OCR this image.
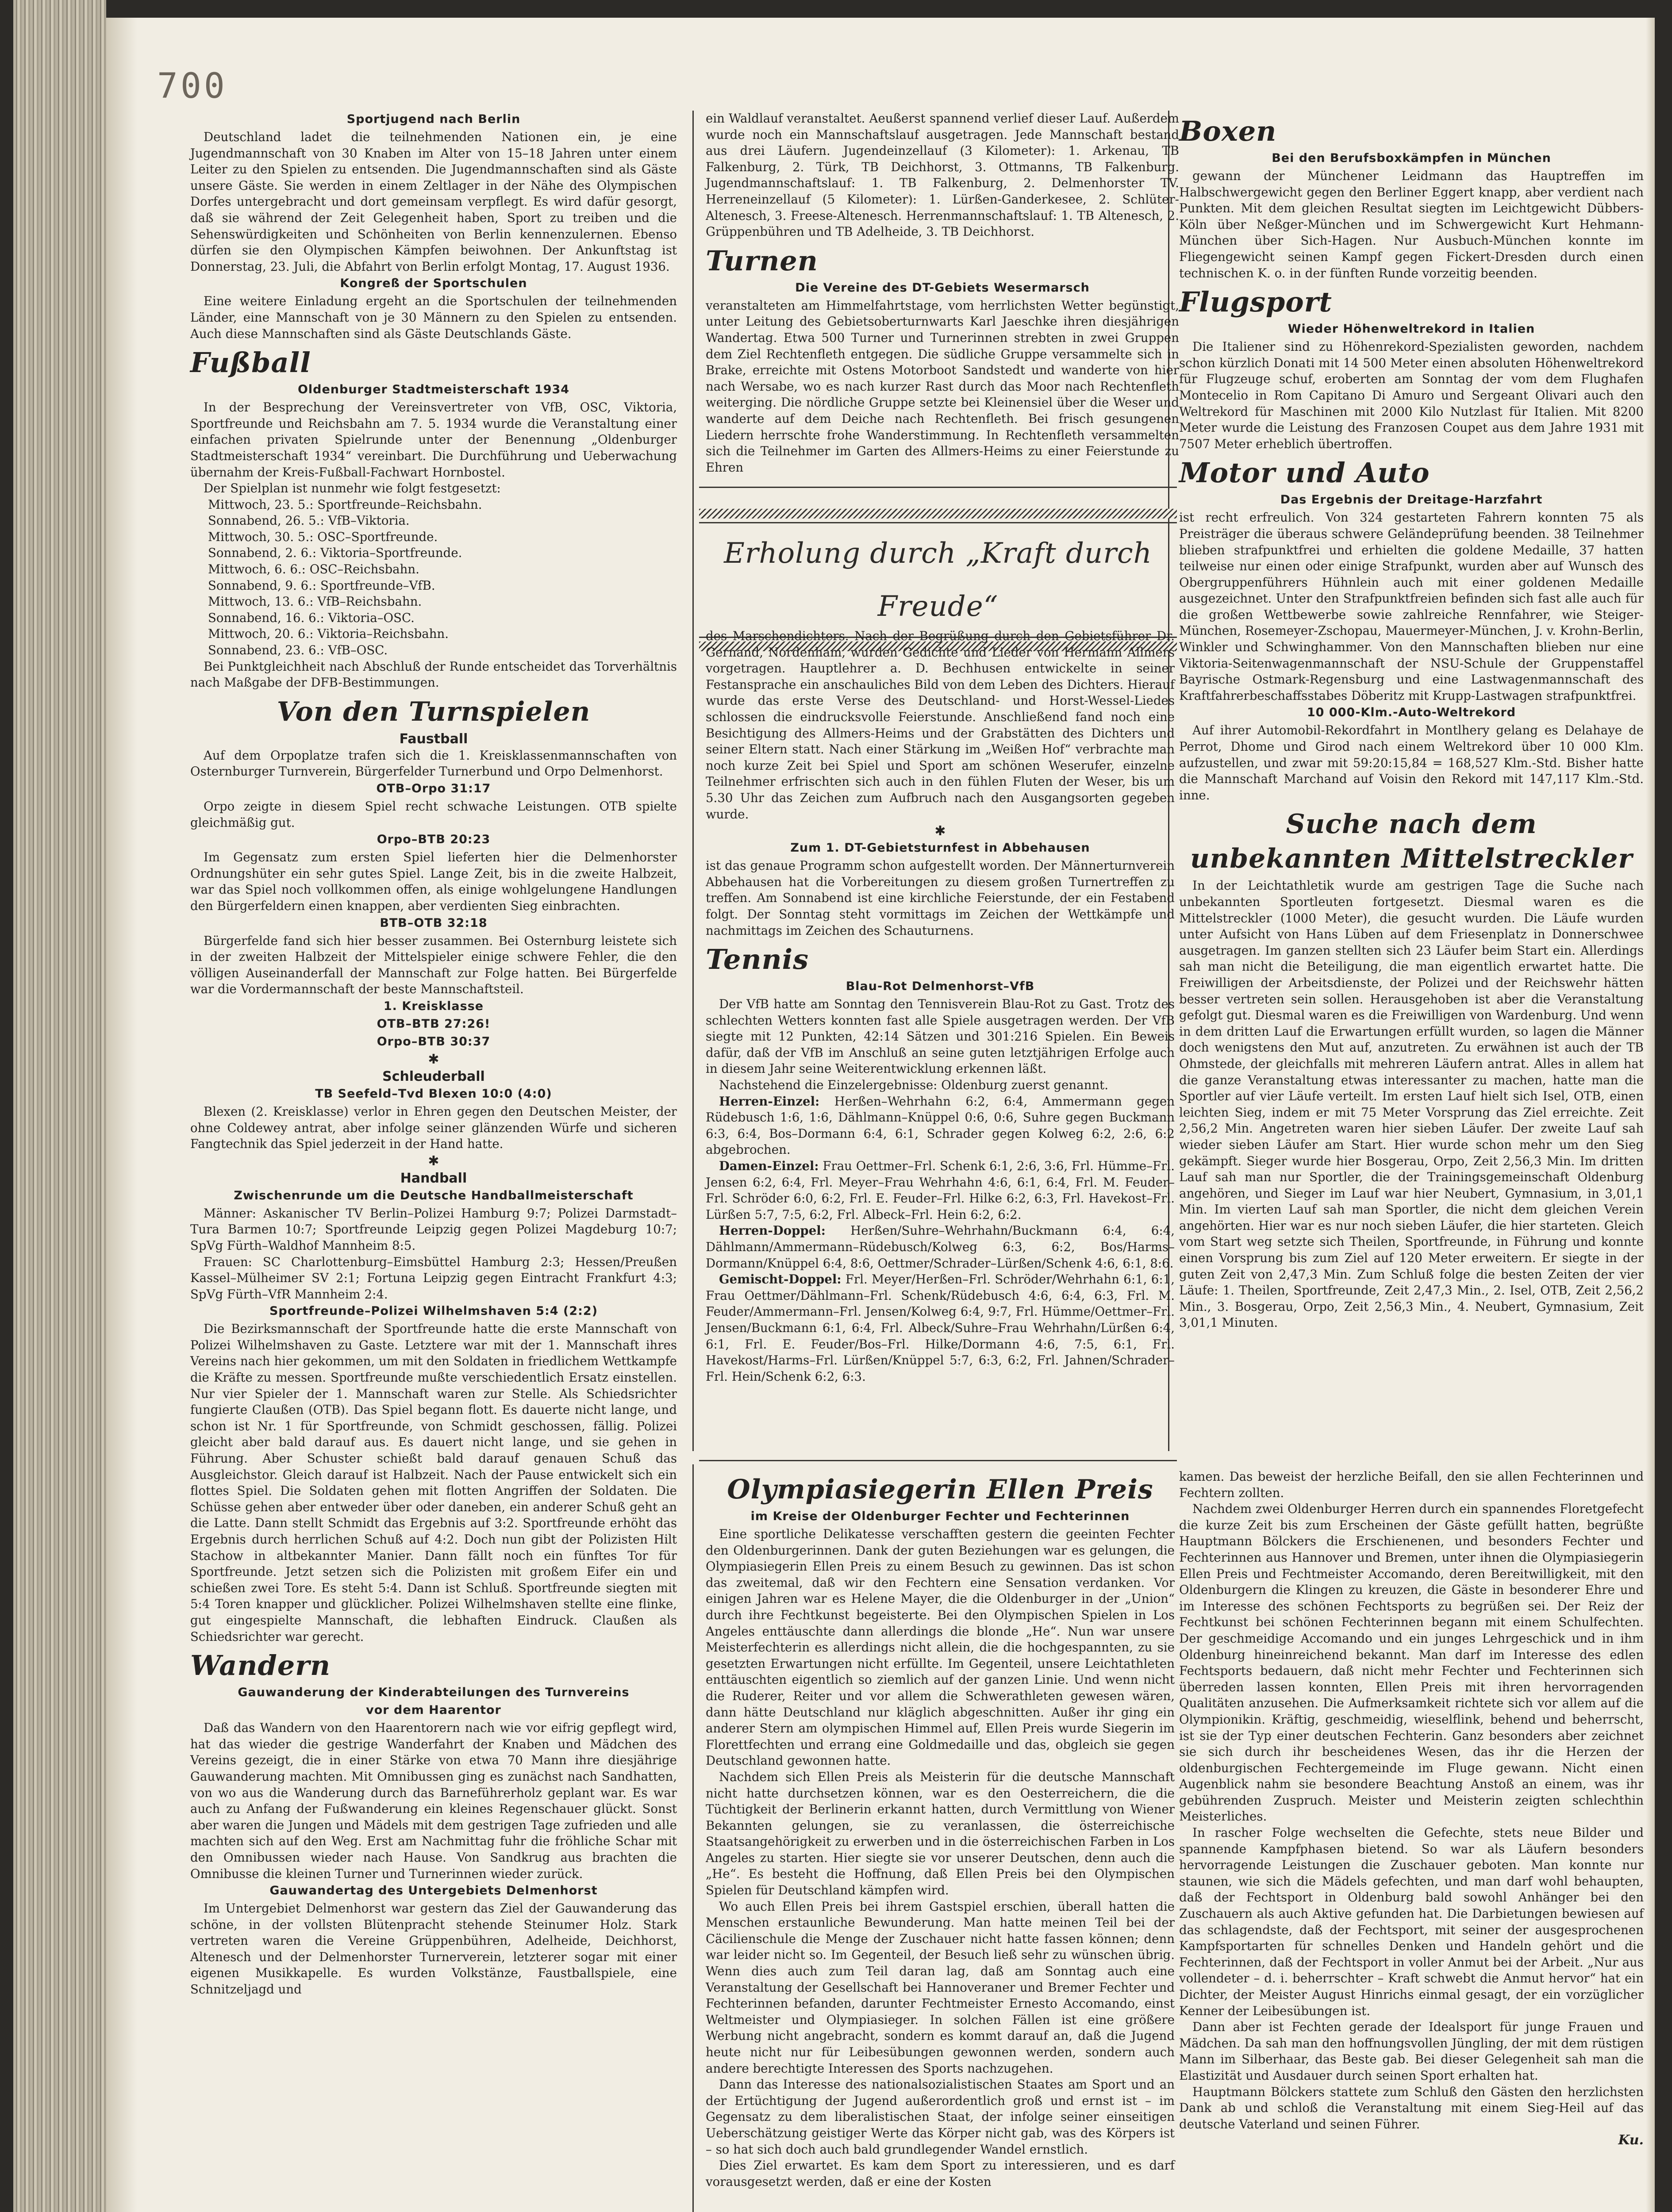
700
Sportjugend nach Berlin

Deutschland ladet die teilnehmenden Nationen ein, je eine Jugendmannschaft von 30 Knaben im Alter von 15–18 Jahren unter einem Leiter zu den Spielen zu entsenden. Die Jugendmannschaften sind als Gäste unsere Gäste. Sie werden in einem Zeltlager in der Nähe des Olympischen Dorfes untergebracht und dort gemeinsam verpflegt. Es wird dafür gesorgt, daß sie während der Zeit Gelegenheit haben, Sport zu treiben und die Sehenswürdigkeiten und Schönheiten von Berlin kennenzulernen. Ebenso dürfen sie den Olympischen Kämpfen beiwohnen. Der Ankunftstag ist Donnerstag, 23. Juli, die Abfahrt von Berlin erfolgt Montag, 17. August 1936.

Kongreß der Sportschulen

Eine weitere Einladung ergeht an die Sportschulen der teilnehmenden Länder, eine Mannschaft von je 30 Männern zu den Spielen zu entsenden. Auch diese Mannschaften sind als Gäste Deutschlands Gäste.

Fußball
Oldenburger Stadtmeisterschaft 1934

In der Besprechung der Vereinsvertreter von VfB, OSC, Viktoria, Sportfreunde und Reichsbahn am 7. 5. 1934 wurde die Veranstaltung einer einfachen privaten Spielrunde unter der Benennung „Oldenburger Stadtmeisterschaft 1934“ vereinbart. Die Durchführung und Ueberwachung übernahm der Kreis-Fußball-Fachwart Hornbostel.

Der Spielplan ist nunmehr wie folgt festgesetzt:

Mittwoch, 23. 5.: Sportfreunde–Reichsbahn.
Sonnabend, 26. 5.: VfB–Viktoria.
Mittwoch, 30. 5.: OSC–Sportfreunde.
Sonnabend, 2. 6.: Viktoria–Sportfreunde.
Mittwoch, 6. 6.: OSC–Reichsbahn.
Sonnabend, 9. 6.: Sportfreunde–VfB.
Mittwoch, 13. 6.: VfB–Reichsbahn.
Sonnabend, 16. 6.: Viktoria–OSC.
Mittwoch, 20. 6.: Viktoria–Reichsbahn.
Sonnabend, 23. 6.: VfB–OSC.

Bei Punktgleichheit nach Abschluß der Runde entscheidet das Torverhältnis nach Maßgabe der DFB-Bestimmungen.

Von den Turnspielen
Faustball

Auf dem Orpoplatze trafen sich die 1. Kreisklassenmannschaften von Osternburger Turnverein, Bürgerfelder Turnerbund und Orpo Delmenhorst.

OTB–Orpo 31:17

Orpo zeigte in diesem Spiel recht schwache Leistungen. OTB spielte gleichmäßig gut.

Orpo–BTB 20:23

Im Gegensatz zum ersten Spiel lieferten hier die Delmenhorster Ordnungshüter ein sehr gutes Spiel. Lange Zeit, bis in die zweite Halbzeit, war das Spiel noch vollkommen offen, als einige wohlgelungene Handlungen den Bürgerfeldern einen knappen, aber verdienten Sieg einbrachten.

BTB–OTB 32:18

Bürgerfelde fand sich hier besser zusammen. Bei Osternburg leistete sich in der zweiten Halbzeit der Mittelspieler einige schwere Fehler, die den völligen Auseinanderfall der Mannschaft zur Folge hatten. Bei Bürgerfelde war die Vordermannschaft der beste Mannschaftsteil.

1. Kreisklasse
OTB–BTB 27:26!
Orpo–BTB 30:37
✱
Schleuderball
TB Seefeld–Tvd Blexen 10:0 (4:0)

Blexen (2. Kreisklasse) verlor in Ehren gegen den Deutschen Meister, der ohne Coldewey antrat, aber infolge seiner glänzenden Würfe und sicheren Fangtechnik das Spiel jederzeit in der Hand hatte.

✱
Handball
Zwischenrunde um die Deutsche Handballmeisterschaft

Männer: Askanischer TV Berlin–Polizei Hamburg 9:7; Polizei Darmstadt–Tura Barmen 10:7; Sportfreunde Leipzig gegen Polizei Magdeburg 10:7; SpVg Fürth–Waldhof Mannheim 8:5.

Frauen: SC Charlottenburg–Eimsbüttel Hamburg 2:3; Hessen/Preußen Kassel–Mülheimer SV 2:1; Fortuna Leipzig gegen Eintracht Frankfurt 4:3; SpVg Fürth–VfR Mannheim 2:4.

Sportfreunde–Polizei Wilhelmshaven 5:4 (2:2)

Die Bezirksmannschaft der Sportfreunde hatte die erste Mannschaft von Polizei Wilhelmshaven zu Gaste. Letztere war mit der 1. Mannschaft ihres Vereins nach hier gekommen, um mit den Soldaten in friedlichem Wettkampfe die Kräfte zu messen. Sportfreunde mußte verschiedentlich Ersatz einstellen. Nur vier Spieler der 1. Mannschaft waren zur Stelle. Als Schiedsrichter fungierte Claußen (OTB). Das Spiel begann flott. Es dauerte nicht lange, und schon ist Nr. 1 für Sportfreunde, von Schmidt geschossen, fällig. Polizei gleicht aber bald darauf aus. Es dauert nicht lange, und sie gehen in Führung. Aber Schuster schießt bald darauf genauen Schuß das Ausgleichstor. Gleich darauf ist Halbzeit. Nach der Pause entwickelt sich ein flottes Spiel. Die Soldaten gehen mit flotten Angriffen der Soldaten. Die Schüsse gehen aber entweder über oder daneben, ein anderer Schuß geht an die Latte. Dann stellt Schmidt das Ergebnis auf 3:2. Sportfreunde erhöht das Ergebnis durch herrlichen Schuß auf 4:2. Doch nun gibt der Polizisten Hilt Stachow in altbekannter Manier. Dann fällt noch ein fünftes Tor für Sportfreunde. Jetzt setzen sich die Polizisten mit großem Eifer ein und schießen zwei Tore. Es steht 5:4. Dann ist Schluß. Sportfreunde siegten mit 5:4 Toren knapper und glücklicher. Polizei Wilhelmshaven stellte eine flinke, gut eingespielte Mannschaft, die lebhaften Eindruck. Claußen als Schiedsrichter war gerecht.

Wandern
Gauwanderung der Kinderabteilungen des Turnvereins
vor dem Haarentor

Daß das Wandern von den Haarentorern nach wie vor eifrig gepflegt wird, hat das wieder die gestrige Wanderfahrt der Knaben und Mädchen des Vereins gezeigt, die in einer Stärke von etwa 70 Mann ihre diesjährige Gauwanderung machten. Mit Omnibussen ging es zunächst nach Sandhatten, von wo aus die Wanderung durch das Barneführerholz geplant war. Es war auch zu Anfang der Fußwanderung ein kleines Regenschauer glückt. Sonst aber waren die Jungen und Mädels mit dem gestrigen Tage zufrieden und alle machten sich auf den Weg. Erst am Nachmittag fuhr die fröhliche Schar mit den Omnibussen wieder nach Hause. Von Sandkrug aus brachten die Omnibusse die kleinen Turner und Turnerinnen wieder zurück.

Gauwandertag des Untergebiets Delmenhorst

Im Untergebiet Delmenhorst war gestern das Ziel der Gauwanderung das schöne, in der vollsten Blütenpracht stehende Steinumer Holz. Stark vertreten waren die Vereine Grüppenbühren, Adelheide, Deichhorst, Altenesch und der Delmenhorster Turnerverein, letzterer sogar mit einer eigenen Musikkapelle. Es wurden Volkstänze, Faustballspiele, eine Schnitzeljagd und

ein Waldlauf veranstaltet. Aeußerst spannend verlief dieser Lauf. Außerdem wurde noch ein Mannschaftslauf ausgetragen. Jede Mannschaft bestand aus drei Läufern. Jugendeinzellauf (3 Kilometer): 1. Arkenau, TB Falkenburg, 2. Türk, TB Deichhorst, 3. Ottmanns, TB Falkenburg. Jugendmannschaftslauf: 1. TB Falkenburg, 2. Delmenhorster TV. Herreneinzellauf (5 Kilometer): 1. Lürßen-Ganderkesee, 2. Schlüter-Altenesch, 3. Freese-Altenesch. Herrenmannschaftslauf: 1. TB Altenesch, 2. Grüppenbühren und TB Adelheide, 3. TB Deichhorst.

Turnen
Die Vereine des DT-Gebiets Wesermarsch

veranstalteten am Himmelfahrtstage, vom herrlichsten Wetter begünstigt, unter Leitung des Gebietsoberturnwarts Karl Jaeschke ihren diesjährigen Wandertag. Etwa 500 Turner und Turnerinnen strebten in zwei Gruppen dem Ziel Rechtenfleth entgegen. Die südliche Gruppe versammelte sich in Brake, erreichte mit Ostens Motorboot Sandstedt und wanderte von hier nach Wersabe, wo es nach kurzer Rast durch das Moor nach Rechtenfleth weiterging. Die nördliche Gruppe setzte bei Kleinensiel über die Weser und wanderte auf dem Deiche nach Rechtenfleth. Bei frisch gesungenen Liedern herrschte frohe Wanderstimmung. In Rechtenfleth versammelten sich die Teilnehmer im Garten des Allmers-Heims zu einer Feierstunde zu Ehren

Erholung durch „Kraft durch Freude“

des Marschendichters. Nach der Begrüßung durch den Gebietsführer Dr. Gernand, Nordenham, wurden Gedichte und Lieder von Hermann Allmers vorgetragen. Hauptlehrer a. D. Bechhusen entwickelte in seiner Festansprache ein anschauliches Bild von dem Leben des Dichters. Hierauf wurde das erste Verse des Deutschland- und Horst-Wessel-Liedes schlossen die eindrucksvolle Feierstunde. Anschließend fand noch eine Besichtigung des Allmers-Heims und der Grabstätten des Dichters und seiner Eltern statt. Nach einer Stärkung im „Weißen Hof“ verbrachte man noch kurze Zeit bei Spiel und Sport am schönen Weserufer, einzelne Teilnehmer erfrischten sich auch in den fühlen Fluten der Weser, bis um 5.30 Uhr das Zeichen zum Aufbruch nach den Ausgangsorten gegeben wurde.

✱
Zum 1. DT-Gebietsturnfest in Abbehausen

ist das genaue Programm schon aufgestellt worden. Der Männerturnverein Abbehausen hat die Vorbereitungen zu diesem großen Turnertreffen zu treffen. Am Sonnabend ist eine kirchliche Feierstunde, der ein Festabend folgt. Der Sonntag steht vormittags im Zeichen der Wettkämpfe und nachmittags im Zeichen des Schauturnens.

Tennis
Blau-Rot Delmenhorst–VfB

Der VfB hatte am Sonntag den Tennisverein Blau-Rot zu Gast. Trotz des schlechten Wetters konnten fast alle Spiele ausgetragen werden. Der VfB siegte mit 12 Punkten, 42:14 Sätzen und 301:216 Spielen. Ein Beweis dafür, daß der VfB im Anschluß an seine guten letztjährigen Erfolge auch in diesem Jahr seine Weiterentwicklung erkennen läßt.

Nachstehend die Einzelergebnisse: Oldenburg zuerst genannt.

Herren-Einzel: Herßen–Wehrhahn 6:2, 6:4, Ammermann gegen Rüdebusch 1:6, 1:6, Dählmann–Knüppel 0:6, 0:6, Suhre gegen Buckmann 6:3, 6:4, Bos–Dormann 6:4, 6:1, Schrader gegen Kolweg 6:2, 2:6, 6:2 abgebrochen.

Damen-Einzel: Frau Oettmer–Frl. Schenk 6:1, 2:6, 3:6, Frl. Hümme–Frl. Jensen 6:2, 6:4, Frl. Meyer–Frau Wehrhahn 4:6, 6:1, 6:4, Frl. M. Feuder–Frl. Schröder 6:0, 6:2, Frl. E. Feuder–Frl. Hilke 6:2, 6:3, Frl. Havekost–Frl. Lürßen 5:7, 7:5, 6:2, Frl. Albeck–Frl. Hein 6:2, 6:2.

Herren-Doppel: Herßen/Suhre–Wehrhahn/Buckmann 6:4, 6:4, Dählmann/Ammermann–Rüdebusch/Kolweg 6:3, 6:2, Bos/Harms–Dormann/Knüppel 6:4, 8:6, Oettmer/Schrader–Lürßen/Schenk 4:6, 6:1, 8:6.

Gemischt-Doppel: Frl. Meyer/Herßen–Frl. Schröder/Wehrhahn 6:1, 6:1, Frau Oettmer/Dählmann–Frl. Schenk/Rüdebusch 4:6, 6:4, 6:3, Frl. M. Feuder/Ammermann–Frl. Jensen/Kolweg 6:4, 9:7, Frl. Hümme/Oettmer–Frl. Jensen/Buckmann 6:1, 6:4, Frl. Albeck/Suhre–Frau Wehrhahn/Lürßen 6:4, 6:1, Frl. E. Feuder/Bos–Frl. Hilke/Dormann 4:6, 7:5, 6:1, Frl. Havekost/Harms–Frl. Lürßen/Knüppel 5:7, 6:3, 6:2, Frl. Jahnen/Schrader–Frl. Hein/Schenk 6:2, 6:3.

Boxen
Bei den Berufsboxkämpfen in München

gewann der Münchener Leidmann das Hauptreffen im Halbschwergewicht gegen den Berliner Eggert knapp, aber verdient nach Punkten. Mit dem gleichen Resultat siegten im Leichtgewicht Dübbers-Köln über Neßger-München und im Schwergewicht Kurt Hehmann-München über Sich-Hagen. Nur Ausbuch-München konnte im Fliegengewicht seinen Kampf gegen Fickert-Dresden durch einen technischen K. o. in der fünften Runde vorzeitig beenden.

Flugsport
Wieder Höhenweltrekord in Italien

Die Italiener sind zu Höhenrekord-Spezialisten geworden, nachdem schon kürzlich Donati mit 14 500 Meter einen absoluten Höhenweltrekord für Flugzeuge schuf, eroberten am Sonntag der vom dem Flughafen Montecelio in Rom Capitano Di Amuro und Sergeant Olivari auch den Weltrekord für Maschinen mit 2000 Kilo Nutzlast für Italien. Mit 8200 Meter wurde die Leistung des Franzosen Coupet aus dem Jahre 1931 mit 7507 Meter erheblich übertroffen.

Motor und Auto
Das Ergebnis der Dreitage-Harzfahrt

ist recht erfreulich. Von 324 gestarteten Fahrern konnten 75 als Preisträger die überaus schwere Geländeprüfung beenden. 38 Teilnehmer blieben strafpunktfrei und erhielten die goldene Medaille, 37 hatten teilweise nur einen oder einige Strafpunkt, wurden aber auf Wunsch des Obergruppenführers Hühnlein auch mit einer goldenen Medaille ausgezeichnet. Unter den Strafpunktfreien befinden sich fast alle auch für die großen Wettbewerbe sowie zahlreiche Rennfahrer, wie Steiger-München, Rosemeyer-Zschopau, Mauermeyer-München, J. v. Krohn-Berlin, Winkler und Schwinghammer. Von den Mannschaften blieben nur eine Viktoria-Seitenwagenmannschaft der NSU-Schule der Gruppenstaffel Bayrische Ostmark-Regensburg und eine Lastwagenmannschaft des Kraftfahrerbeschaffsstabes Döberitz mit Krupp-Lastwagen strafpunktfrei.

10 000-Klm.-Auto-Weltrekord

Auf ihrer Automobil-Rekordfahrt in Montlhery gelang es Delahaye de Perrot, Dhome und Girod nach einem Weltrekord über 10 000 Klm. aufzustellen, und zwar mit 59:20:15,84 = 168,527 Klm.-Std. Bisher hatte die Mannschaft Marchand auf Voisin den Rekord mit 147,117 Klm.-Std. inne.

Suche nach dem
unbekannten Mittelstreckler

In der Leichtathletik wurde am gestrigen Tage die Suche nach unbekannten Sportleuten fortgesetzt. Diesmal waren es die Mittelstreckler (1000 Meter), die gesucht wurden. Die Läufe wurden unter Aufsicht von Hans Lüben auf dem Friesenplatz in Donnerschwee ausgetragen. Im ganzen stellten sich 23 Läufer beim Start ein. Allerdings sah man nicht die Beteiligung, die man eigentlich erwartet hatte. Die Freiwilligen der Arbeitsdienste, der Polizei und der Reichswehr hätten besser vertreten sein sollen. Herausgehoben ist aber die Veranstaltung gefolgt gut. Diesmal waren es die Freiwilligen von Wardenburg. Und wenn in dem dritten Lauf die Erwartungen erfüllt wurden, so lagen die Männer doch wenigstens den Mut auf, anzutreten. Zu erwähnen ist auch der TB Ohmstede, der gleichfalls mit mehreren Läufern antrat. Alles in allem hat die ganze Veranstaltung etwas interessanter zu machen, hatte man die Sportler auf vier Läufe verteilt. Im ersten Lauf hielt sich Isel, OTB, einen leichten Sieg, indem er mit 75 Meter Vorsprung das Ziel erreichte. Zeit 2,56,2 Min. Angetreten waren hier sieben Läufer. Der zweite Lauf sah wieder sieben Läufer am Start. Hier wurde schon mehr um den Sieg gekämpft. Sieger wurde hier Bosgerau, Orpo, Zeit 2,56,3 Min. Im dritten Lauf sah man nur Sportler, die der Trainingsgemeinschaft Oldenburg angehören, und Sieger im Lauf war hier Neubert, Gymnasium, in 3,01,1 Min. Im vierten Lauf sah man Sportler, die nicht dem gleichen Verein angehörten. Hier war es nur noch sieben Läufer, die hier starteten. Gleich vom Start weg setzte sich Theilen, Sportfreunde, in Führung und konnte einen Vorsprung bis zum Ziel auf 120 Meter erweitern. Er siegte in der guten Zeit von 2,47,3 Min. Zum Schluß folge die besten Zeiten der vier Läufe: 1. Theilen, Sportfreunde, Zeit 2,47,3 Min., 2. Isel, OTB, Zeit 2,56,2 Min., 3. Bosgerau, Orpo, Zeit 2,56,3 Min., 4. Neubert, Gymnasium, Zeit 3,01,1 Minuten.

Olympiasiegerin Ellen Preis
im Kreise der Oldenburger Fechter und Fechterinnen

Eine sportliche Delikatesse verschafften gestern die geeinten Fechter den Oldenburgerinnen. Dank der guten Beziehungen war es gelungen, die Olympiasiegerin Ellen Preis zu einem Besuch zu gewinnen. Das ist schon das zweitemal, daß wir den Fechtern eine Sensation verdanken. Vor einigen Jahren war es Helene Mayer, die die Oldenburger in der „Union“ durch ihre Fechtkunst begeisterte. Bei den Olympischen Spielen in Los Angeles enttäuschte dann allerdings die blonde „He“. Nun war unsere Meisterfechterin es allerdings nicht allein, die die hochgespannten, zu sie gesetzten Erwartungen nicht erfüllte. Im Gegenteil, unsere Leichtathleten enttäuschten eigentlich so ziemlich auf der ganzen Linie. Und wenn nicht die Ruderer, Reiter und vor allem die Schwerathleten gewesen wären, dann hätte Deutschland nur kläglich abgeschnitten. Außer ihr ging ein anderer Stern am olympischen Himmel auf, Ellen Preis wurde Siegerin im Florettfechten und errang eine Goldmedaille und das, obgleich sie gegen Deutschland gewonnen hatte.

Nachdem sich Ellen Preis als Meisterin für die deutsche Mannschaft nicht hatte durchsetzen können, war es den Oesterreichern, die die Tüchtigkeit der Berlinerin erkannt hatten, durch Vermittlung von Wiener Bekannten gelungen, sie zu veranlassen, die österreichische Staatsangehörigkeit zu erwerben und in die österreichischen Farben in Los Angeles zu starten. Hier siegte sie vor unserer Deutschen, denn auch die „He“. Es besteht die Hoffnung, daß Ellen Preis bei den Olympischen Spielen für Deutschland kämpfen wird.

Wo auch Ellen Preis bei ihrem Gastspiel erschien, überall hatten die Menschen erstaunliche Bewunderung. Man hatte meinen Teil bei der Cäcilienschule die Menge der Zuschauer nicht hatte fassen können; denn war leider nicht so. Im Gegenteil, der Besuch ließ sehr zu wünschen übrig. Wenn dies auch zum Teil daran lag, daß am Sonntag auch eine Veranstaltung der Gesellschaft bei Hannoveraner und Bremer Fechter und Fechterinnen befanden, darunter Fechtmeister Ernesto Accomando, einst Weltmeister und Olympiasieger. In solchen Fällen ist eine größere Werbung nicht angebracht, sondern es kommt darauf an, daß die Jugend heute nicht nur für Leibesübungen gewonnen werden, sondern auch andere berechtigte Interessen des Sports nachzugehen.

Dann das Interesse des nationalsozialistischen Staates am Sport und an der Ertüchtigung der Jugend außerordentlich groß und ernst ist – im Gegensatz zu dem liberalistischen Staat, der infolge seiner einseitigen Ueberschätzung geistiger Werte das Körper nicht gab, was des Körpers ist – so hat sich doch auch bald grundlegender Wandel ernstlich.

Dies Ziel erwartet. Es kam dem Sport zu interessieren, und es darf vorausgesetzt werden, daß er eine der Kosten

kamen. Das beweist der herzliche Beifall, den sie allen Fechterinnen und Fechtern zollten.

Nachdem zwei Oldenburger Herren durch ein spannendes Floretgefecht die kurze Zeit bis zum Erscheinen der Gäste gefüllt hatten, begrüßte Hauptmann Bölckers die Erschienenen, und besonders Fechter und Fechterinnen aus Hannover und Bremen, unter ihnen die Olympiasiegerin Ellen Preis und Fechtmeister Accomando, deren Bereitwilligkeit, mit den Oldenburgern die Klingen zu kreuzen, die Gäste in besonderer Ehre und im Interesse des schönen Fechtsports zu begrüßen sei. Der Reiz der Fechtkunst bei schönen Fechterinnen begann mit einem Schulfechten. Der geschmeidige Accomando und ein junges Lehrgeschick und in ihm Oldenburg hineinreichend bekannt. Man darf im Interesse des edlen Fechtsports bedauern, daß nicht mehr Fechter und Fechterinnen sich überreden lassen konnten, Ellen Preis mit ihren hervorragenden Qualitäten anzusehen. Die Aufmerksamkeit richtete sich vor allem auf die Olympionikin. Kräftig, geschmeidig, wieselflink, behend und beherrscht, ist sie der Typ einer deutschen Fechterin. Ganz besonders aber zeichnet sie sich durch ihr bescheidenes Wesen, das ihr die Herzen der oldenburgischen Fechtergemeinde im Fluge gewann. Nicht einen Augenblick nahm sie besondere Beachtung Anstoß an einem, was ihr gebührenden Zuspruch. Meister und Meisterin zeigten schlechthin Meisterliches.

In rascher Folge wechselten die Gefechte, stets neue Bilder und spannende Kampfphasen bietend. So war als Läufern besonders hervorragende Leistungen die Zuschauer geboten. Man konnte nur staunen, wie sich die Mädels gefechten, und man darf wohl behaupten, daß der Fechtsport in Oldenburg bald sowohl Anhänger bei den Zuschauern als auch Aktive gefunden hat. Die Darbietungen bewiesen auf das schlagendste, daß der Fechtsport, mit seiner der ausgesprochenen Kampfsportarten für schnelles Denken und Handeln gehört und die Fechterinnen, daß der Fechtsport in voller Anmut bei der Arbeit. „Nur aus vollendeter – d. i. beherrschter – Kraft schwebt die Anmut hervor“ hat ein Dichter, der Meister August Hinrichs einmal gesagt, der ein vorzüglicher Kenner der Leibesübungen ist.

Dann aber ist Fechten gerade der Idealsport für junge Frauen und Mädchen. Da sah man den hoffnungsvollen Jüngling, der mit dem rüstigen Mann im Silberhaar, das Beste gab. Bei dieser Gelegenheit sah man die Elastizität und Ausdauer durch seinen Sport erhalten hat.

Hauptmann Bölckers stattete zum Schluß den Gästen den herzlichsten Dank ab und schloß die Veranstaltung mit einem Sieg-Heil auf das deutsche Vaterland und seinen Führer.

Ku.
